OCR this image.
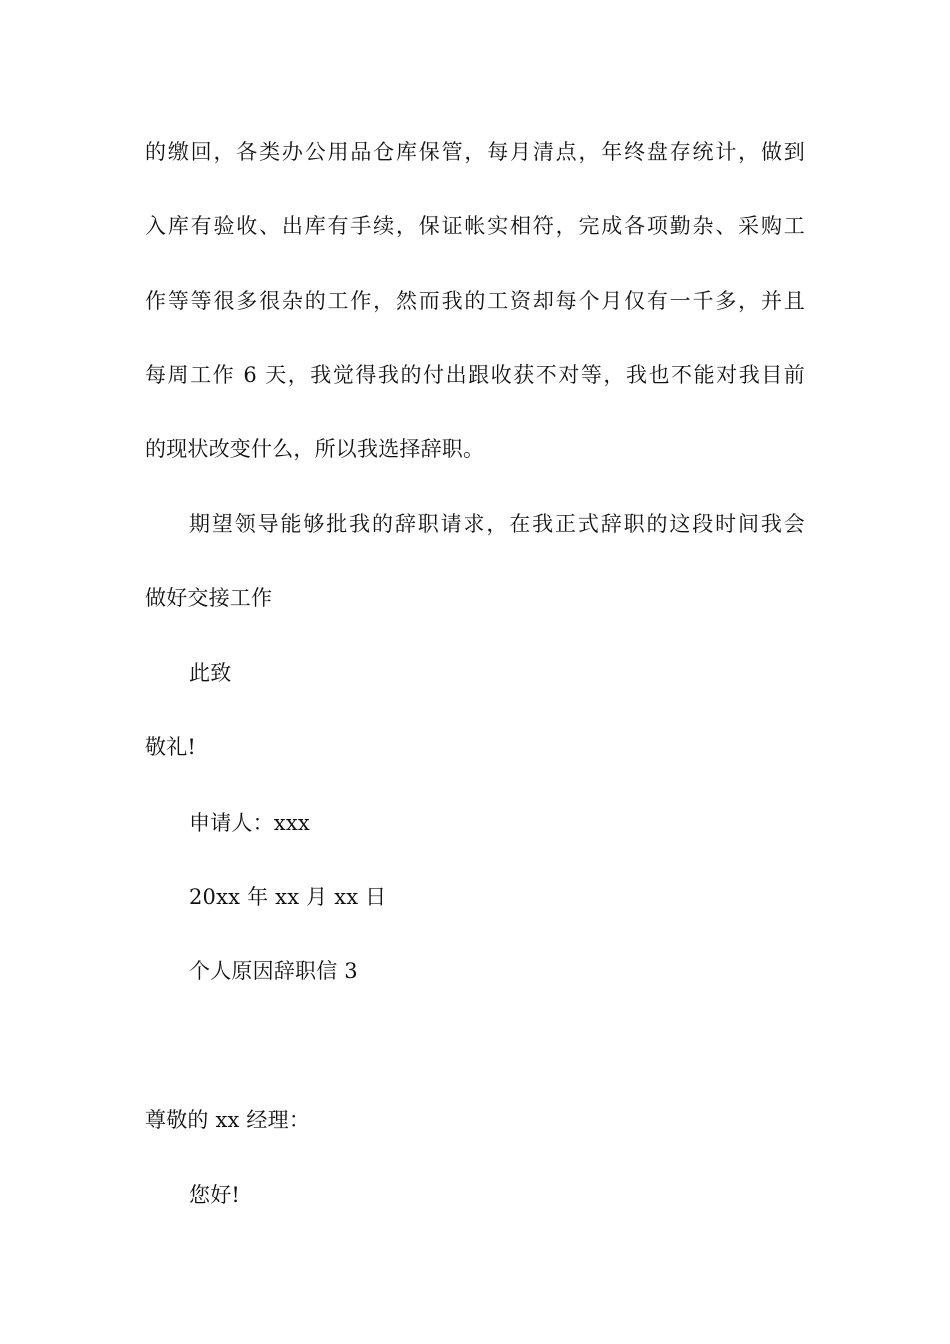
的缴回，各类办公用品仓库保管，每月清点，年终盘存统计，做到
入库有验收、出库有手续，保证帐实相符，完成各项勤杂、采购工
作等等很多很杂的工作，然而我的工资却每个月仅有一千多，并且
每周工作 6 天，我觉得我的付出跟收获不对等，我也不能对我目前
的现状改变什么，所以我选择辞职。
期望领导能够批我的辞职请求，在我正式辞职的这段时间我会
做好交接工作
此致
敬礼!
申请人：xxx
20xx 年 xx 月 xx 日
个人原因辞职信 3
尊敬的 xx 经理：
您好!
